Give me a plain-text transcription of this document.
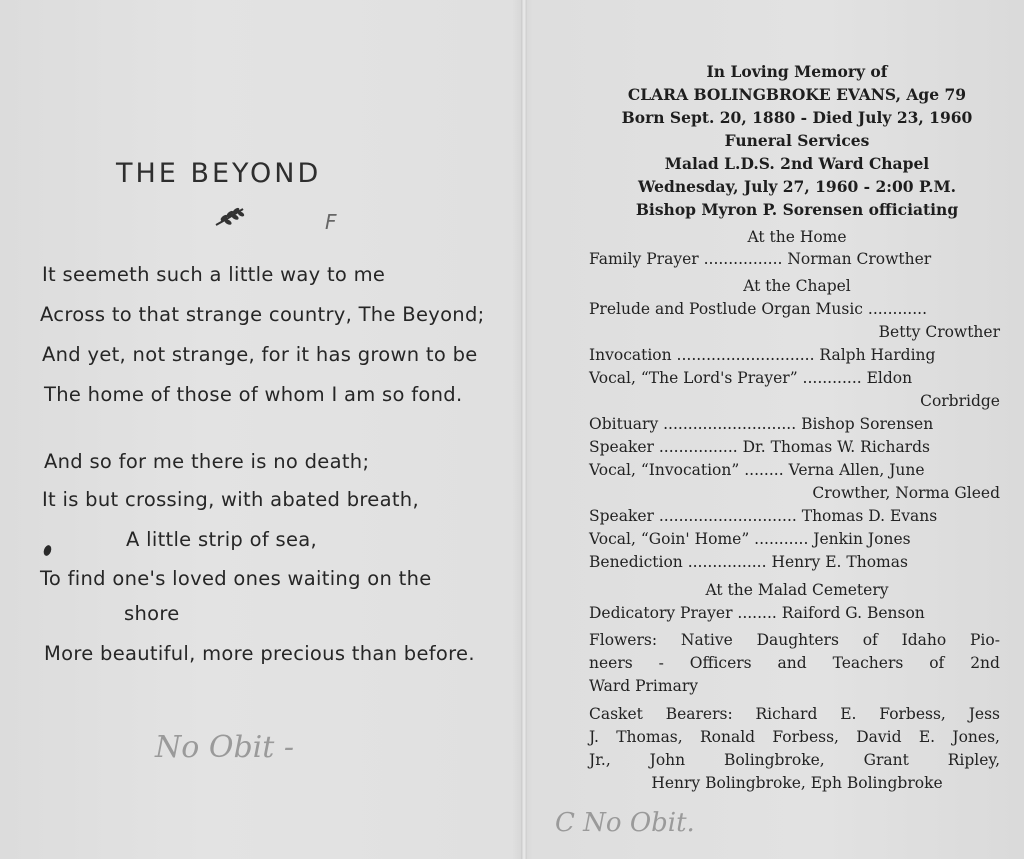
THE BEYOND
F
It seemeth such a little way to me
Across to that strange country, The Beyond;
And yet, not strange, for it has grown to be
The home of those of whom I am so fond.
And so for me there is no death;
It is but crossing, with abated breath,
A little strip of sea,
To find one's loved ones waiting on the
shore
More beautiful, more precious than before.
No Obit -
In Loving Memory of
CLARA BOLINGBROKE EVANS, Age 79
Born Sept. 20, 1880 - Died July 23, 1960
Funeral Services
Malad L.D.S. 2nd Ward Chapel
Wednesday, July 27, 1960 - 2:00 P.M.
Bishop Myron P. Sorensen officiating
At the Home
Family Prayer ................ Norman Crowther
At the Chapel
Prelude and Postlude Organ Music ............
Betty Crowther
Invocation ............................ Ralph Harding
Vocal, “The Lord's Prayer” ............ Eldon
Corbridge
Obituary ........................... Bishop Sorensen
Speaker ................ Dr. Thomas W. Richards
Vocal, “Invocation” ........ Verna Allen, June
Crowther, Norma Gleed
Speaker ............................ Thomas D. Evans
Vocal, “Goin' Home” ........... Jenkin Jones
Benediction ................ Henry E. Thomas
At the Malad Cemetery
Dedicatory Prayer ........ Raiford G. Benson
Flowers: Native Daughters of Idaho Pio-
neers - Officers and Teachers of 2nd
Ward Primary
Casket Bearers: Richard E. Forbess, Jess
J. Thomas, Ronald Forbess, David E. Jones,
Jr.,	John	Bolingbroke,	Grant	Ripley,
Henry Bolingbroke, Eph Bolingbroke
C No Obit.
